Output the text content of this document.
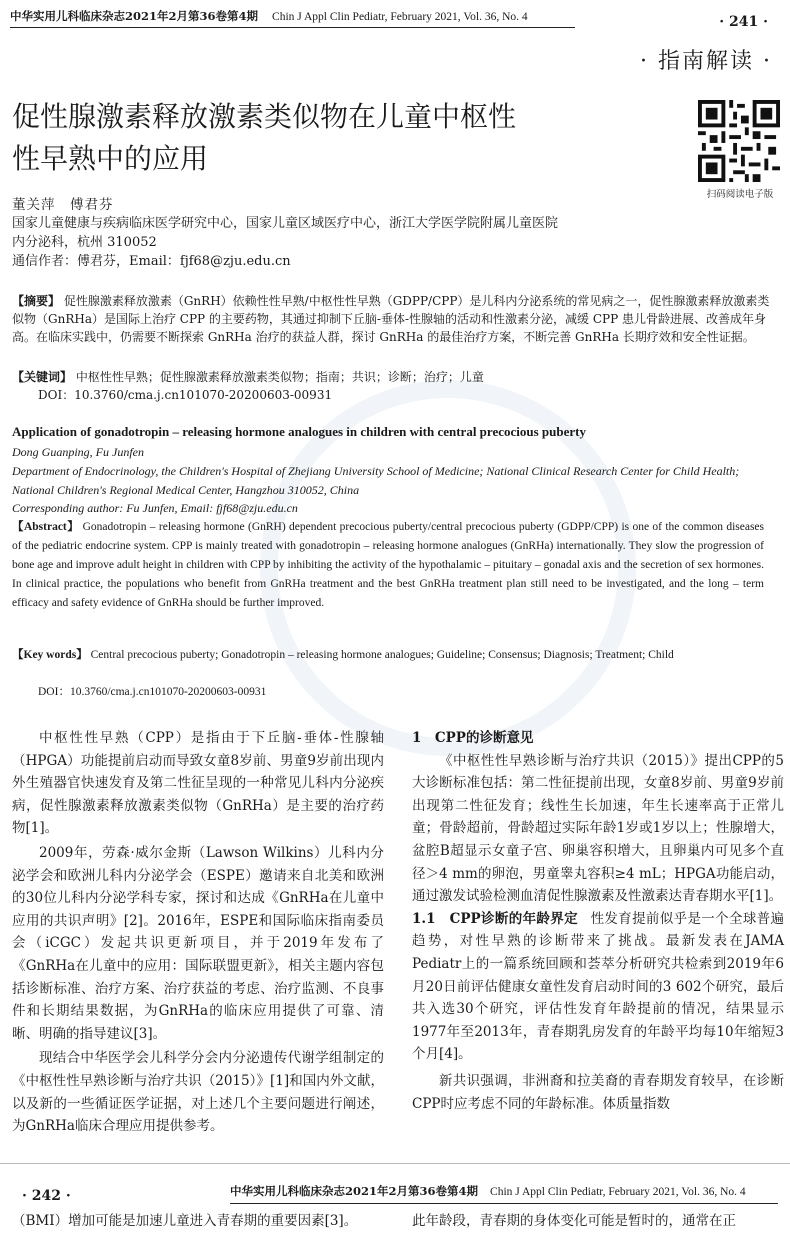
中华实用儿科临床杂志2021年2月第36卷第4期 Chin J Appl Clin Pediatr, February 2021, Vol. 36, No. 4	· 241 ·
· 指南解读 ·
促性腺激素释放激素类似物在儿童中枢性
性早熟中的应用
扫码阅读电子版
董关萍　傅君芬
国家儿童健康与疾病临床医学研究中心，国家儿童区域医疗中心，浙江大学医学院附属儿童医院
内分泌科，杭州 310052
通信作者：傅君芬，Email：fjf68@zju.edu.cn
【摘要】 促性腺激素释放激素（GnRH）依赖性性早熟/中枢性性早熟（GDPP/CPP）是儿科内分泌系统的常见病之一，促性腺激素释放激素类似物（GnRHa）是国际上治疗 CPP 的主要药物，其通过抑制下丘脑-垂体-性腺轴的活动和性激素分泌，减缓 CPP 患儿骨龄进展、改善成年身高。在临床实践中，仍需要不断探索 GnRHa 治疗的获益人群，探讨 GnRHa 的最佳治疗方案，不断完善 GnRHa 长期疗效和安全性证据。
【关键词】 中枢性性早熟；促性腺激素释放激素类似物；指南；共识；诊断；治疗；儿童
DOI：10.3760/cma.j.cn101070-20200603-00931
Application of gonadotropin – releasing hormone analogues in children with central precocious puberty
Dong Guanping, Fu Junfen
Department of Endocrinology, the Children's Hospital of Zhejiang University School of Medicine; National Clinical Research Center for Child Health; National Children's Regional Medical Center, Hangzhou 310052, China
Corresponding author: Fu Junfen, Email: fjf68@zju.edu.cn
【Abstract】 Gonadotropin – releasing hormone (GnRH) dependent precocious puberty/central precocious puberty (GDPP/CPP) is one of the common diseases of the pediatric endocrine system. CPP is mainly treated with gonadotropin – releasing hormone analogues (GnRHa) internationally. They slow the progression of bone age and improve adult height in children with CPP by inhibiting the activity of the hypothalamic – pituitary – gonadal axis and the secretion of sex hormones. In clinical practice, the populations who benefit from GnRHa treatment and the best GnRHa treatment plan still need to be investigated, and the long – term efficacy and safety evidence of GnRHa should be further improved.
【Key words】 Central precocious puberty; Gonadotropin – releasing hormone analogues; Guideline; Consensus; Diagnosis; Treatment; Child
DOI：10.3760/cma.j.cn101070-20200603-00931

中枢性性早熟（CPP）是指由于下丘脑-垂体-性腺轴（HPGA）功能提前启动而导致女童8岁前、男童9岁前出现内外生殖器官快速发育及第二性征呈现的一种常见儿科内分泌疾病，促性腺激素释放激素类似物（GnRHa）是主要的治疗药物[1]。

2009年，劳森·威尔金斯（Lawson Wilkins）儿科内分泌学会和欧洲儿科内分泌学会（ESPE）邀请来自北美和欧洲的30位儿科内分泌学科专家，探讨和达成《GnRHa在儿童中应用的共识声明》[2]。2016年，ESPE和国际临床指南委员会（iCGC）发起共识更新项目，并于2019年发布了《GnRHa在儿童中的应用：国际联盟更新》，相关主题内容包括诊断标准、治疗方案、治疗获益的考虑、治疗监测、不良事件和长期结果数据，为GnRHa的临床应用提供了可靠、清晰、明确的指导建议[3]。

现结合中华医学会儿科学分会内分泌遗传代谢学组制定的《中枢性性早熟诊断与治疗共识（2015）》[1]和国内外文献，以及新的一些循证医学证据，对上述几个主要问题进行阐述，为GnRHa临床合理应用提供参考。

1　CPP的诊断意见

《中枢性性早熟诊断与治疗共识（2015）》提出CPP的5大诊断标准包括：第二性征提前出现，女童8岁前、男童9岁前出现第二性征发育；线性生长加速，年生长速率高于正常儿童；骨龄超前，骨龄超过实际年龄1岁或1岁以上；性腺增大，盆腔B超显示女童子宫、卵巢容积增大，且卵巢内可见多个直径＞4 mm的卵泡，男童睾丸容积≥4 mL；HPGA功能启动，通过激发试验检测血清促性腺激素及性激素达青春期水平[1]。

1.1　CPP诊断的年龄界定 性发育提前似乎是一个全球普遍趋势，对性早熟的诊断带来了挑战。最新发表在JAMA Pediatr上的一篇系统回顾和荟萃分析研究共检索到2019年6月20日前评估健康女童性发育启动时间的3 602个研究，最后共入选30个研究，评估性发育年龄提前的情况，结果显示1977年至2013年，青春期乳房发育的年龄平均每10年缩短3个月[4]。

新共识强调，非洲裔和拉美裔的青春期发育较早，在诊断CPP时应考虑不同的年龄标准。体质量指数

· 242 ·	中华实用儿科临床杂志2021年2月第36卷第4期 Chin J Appl Clin Pediatr, February 2021, Vol. 36, No. 4
（BMI）增加可能是加速儿童进入青春期的重要因素[3]。	此年龄段，青春期的身体变化可能是暂时的，通常在正
